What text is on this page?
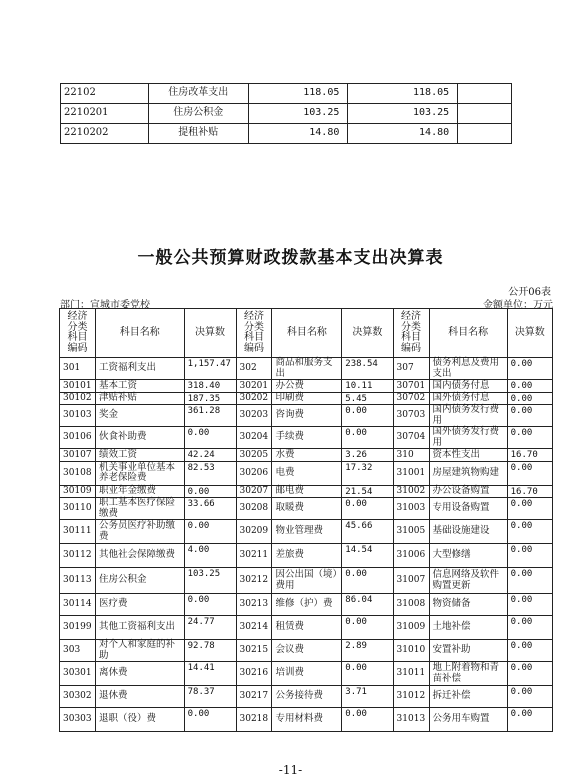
22102	住房改革支出	118.05	118.05	
2210201	住房公积金	103.25	103.25	
2210202	提租补贴	14.80	14.80	
一般公共预算财政拨款基本支出决算表
公开06表
部门：宣城市委党校	金额单位：万元
经济分类科目编码	科目名称	决算数	经济分类科目编码	科目名称	决算数	经济分类科目编码	科目名称	决算数
301	工资福利支出	1,157.47	302	商品和服务支出	238.54	307	债务利息及费用支出	0.00
30101	基本工资	318.40	30201	办公费	10.11	30701	国内债务付息	0.00
30102	津贴补贴	187.35	30202	印刷费	5.45	30702	国外债务付息	0.00
30103	奖金	361.28	30203	咨询费	0.00	30703	国内债务发行费用	0.00
30106	伙食补助费	0.00	30204	手续费	0.00	30704	国外债务发行费用	0.00
30107	绩效工资	42.24	30205	水费	3.26	310	资本性支出	16.70
30108	机关事业单位基本养老保险费	82.53	30206	电费	17.32	31001	房屋建筑物购建	0.00
30109	职业年金缴费	0.00	30207	邮电费	21.54	31002	办公设备购置	16.70
30110	职工基本医疗保险缴费	33.66	30208	取暖费	0.00	31003	专用设备购置	0.00
30111	公务员医疗补助缴费	0.00	30209	物业管理费	45.66	31005	基础设施建设	0.00
30112	其他社会保障缴费	4.00	30211	差旅费	14.54	31006	大型修缮	0.00
30113	住房公积金	103.25	30212	因公出国（境）费用	0.00	31007	信息网络及软件购置更新	0.00
30114	医疗费	0.00	30213	维修（护）费	86.04	31008	物资储备	0.00
30199	其他工资福利支出	24.77	30214	租赁费	0.00	31009	土地补偿	0.00
303	对个人和家庭的补助	92.78	30215	会议费	2.89	31010	安置补助	0.00
30301	离休费	14.41	30216	培训费	0.00	31011	地上附着物和青苗补偿	0.00
30302	退休费	78.37	30217	公务接待费	3.71	31012	拆迁补偿	0.00
30303	退职（役）费	0.00	30218	专用材料费	0.00	31013	公务用车购置	0.00
-11-
